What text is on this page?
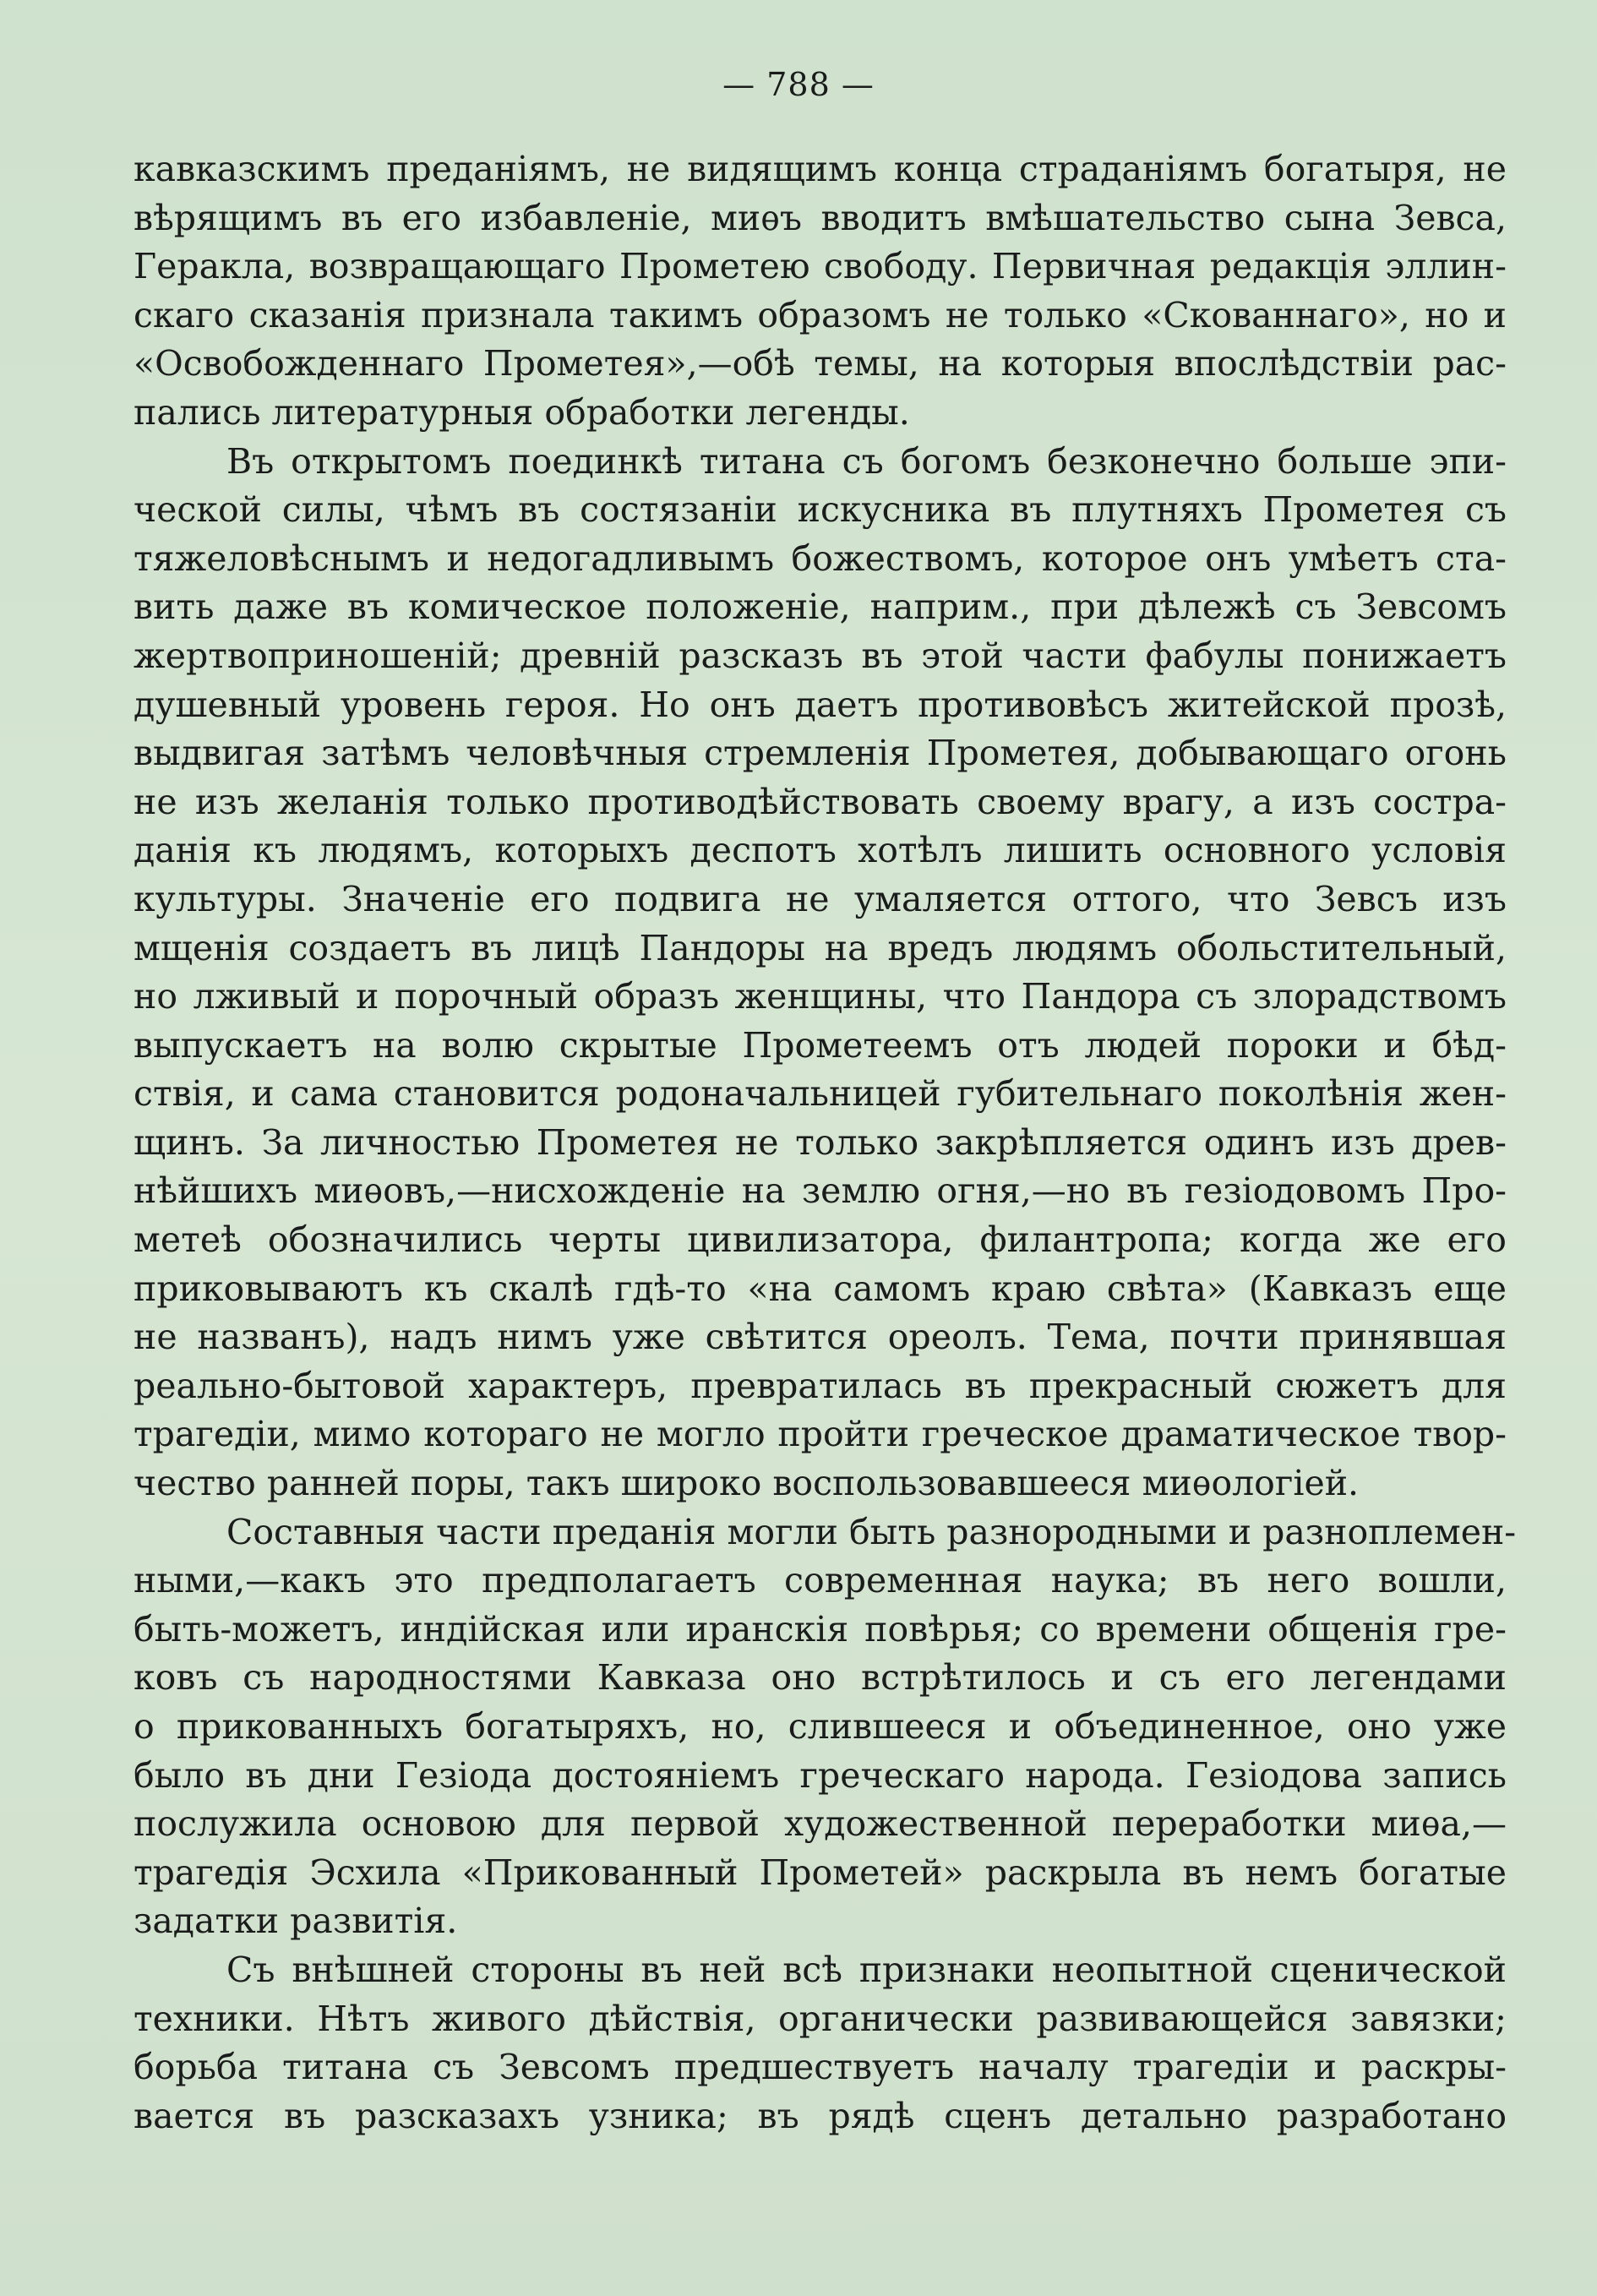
— 788 —
кавказскимъ преданіямъ, не видящимъ конца страданіямъ богатыря, не
вѣрящимъ въ его избавленіе, миѳъ вводитъ вмѣшательство сына Зевса,
Геракла, возвращающаго Прометею свободу. Первичная редакція эллин-
скаго сказанія признала такимъ образомъ не только «Скованнаго», но и
«Освобожденнаго Прометея»,—обѣ темы, на которыя впослѣдствіи рас-
пались литературныя обработки легенды.
Въ открытомъ поединкѣ титана съ богомъ безконечно больше эпи-
ческой силы, чѣмъ въ состязаніи искусника въ плутняхъ Прометея съ
тяжеловѣснымъ и недогадливымъ божествомъ, которое онъ умѣетъ ста-
вить даже въ комическое положеніе, наприм., при дѣлежѣ съ Зевсомъ
жертвоприношеній; древній разсказъ въ этой части фабулы понижаетъ
душевный уровень героя. Но онъ даетъ противовѣсъ житейской прозѣ,
выдвигая затѣмъ человѣчныя стремленія Прометея, добывающаго огонь
не изъ желанія только противодѣйствовать своему врагу, а изъ состра-
данія къ людямъ, которыхъ деспотъ хотѣлъ лишить основного условія
культуры. Значеніе его подвига не умаляется оттого, что Зевсъ изъ
мщенія создаетъ въ лицѣ Пандоры на вредъ людямъ обольстительный,
но лживый и порочный образъ женщины, что Пандора съ злорадствомъ
выпускаетъ на волю скрытые Прометеемъ отъ людей пороки и бѣд-
ствія, и сама становится родоначальницей губительнаго поколѣнія жен-
щинъ. За личностью Прометея не только закрѣпляется одинъ изъ древ-
нѣйшихъ миѳовъ,—нисхожденіе на землю огня,—но въ гезіодовомъ Про-
метеѣ обозначились черты цивилизатора, филантропа; когда же его
приковываютъ къ скалѣ гдѣ-то «на самомъ краю свѣта» (Кавказъ еще
не названъ), надъ нимъ уже свѣтится ореолъ. Тема, почти принявшая
реально-бытовой характеръ, превратилась въ прекрасный сюжетъ для
трагедіи, мимо котораго не могло пройти греческое драматическое твор-
чество ранней поры, такъ широко воспользовавшееся миѳологіей.
Составныя части преданія могли быть разнородными и разноплемен-
ными,—какъ это предполагаетъ современная наука; въ него вошли,
быть-можетъ, индійская или иранскія повѣрья; со времени общенія гре-
ковъ съ народностями Кавказа оно встрѣтилось и съ его легендами
о прикованныхъ богатыряхъ, но, слившееся и объединенное, оно уже
было въ дни Гезіода достояніемъ греческаго народа. Гезіодова запись
послужила основою для первой художественной переработки миѳа,—
трагедія Эсхила «Прикованный Прометей» раскрыла въ немъ богатые
задатки развитія.
Съ внѣшней стороны въ ней всѣ признаки неопытной сценической
техники. Нѣтъ живого дѣйствія, органически развивающейся завязки;
борьба титана съ Зевсомъ предшествуетъ началу трагедіи и раскры-
вается въ разсказахъ узника; въ рядѣ сценъ детально разработано
